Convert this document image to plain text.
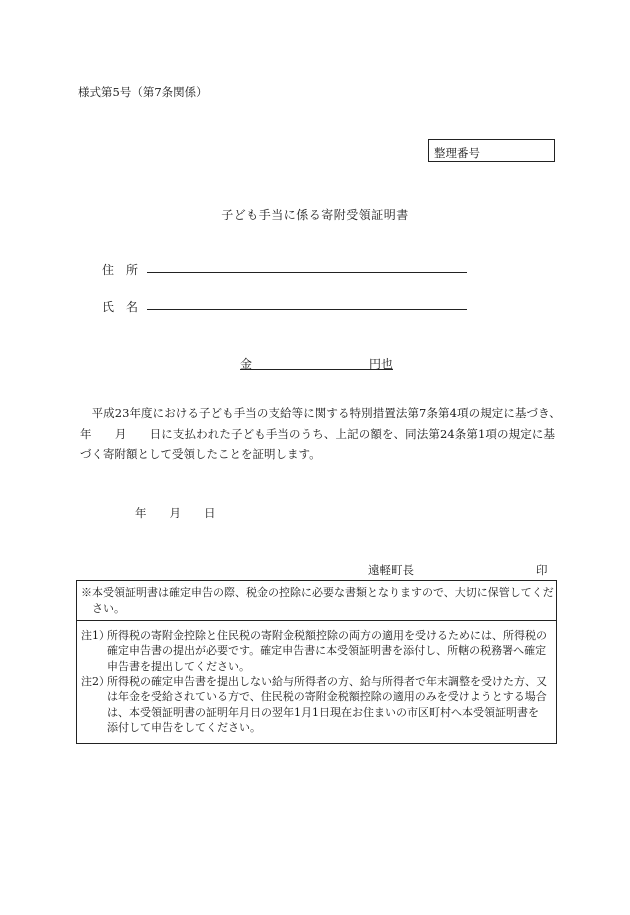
様式第5号（第7条関係）
整理番号
子ども手当に係る寄附受領証明書
住　所
氏　名
金	円也
　平成23年度における子ども手当の支給等に関する特別措置法第7条第4項の規定に基づき、　　年　　月　　日に支払われた子ども手当のうち、上記の額を、同法第24条第1項の規定に基づく寄附額として受領したことを証明します。
年　　月　　日
遠軽町長	印
※本受領証明書は確定申告の際、税金の控除に必要な書類となりますので、大切に保管してください。
注1）
所得税の寄附金控除と住民税の寄附金税額控除の両方の適用を受けるためには、所得税の確定申告書の提出が必要です。確定申告書に本受領証明書を添付し、所轄の税務署へ確定申告書を提出してください。
注2）
所得税の確定申告書を提出しない給与所得者の方、給与所得者で年末調整を受けた方、又は年金を受給されている方で、住民税の寄附金税額控除の適用のみを受けようとする場合は、本受領証明書の証明年月日の翌年1月1日現在お住まいの市区町村へ本受領証明書を添付して申告をしてください。
